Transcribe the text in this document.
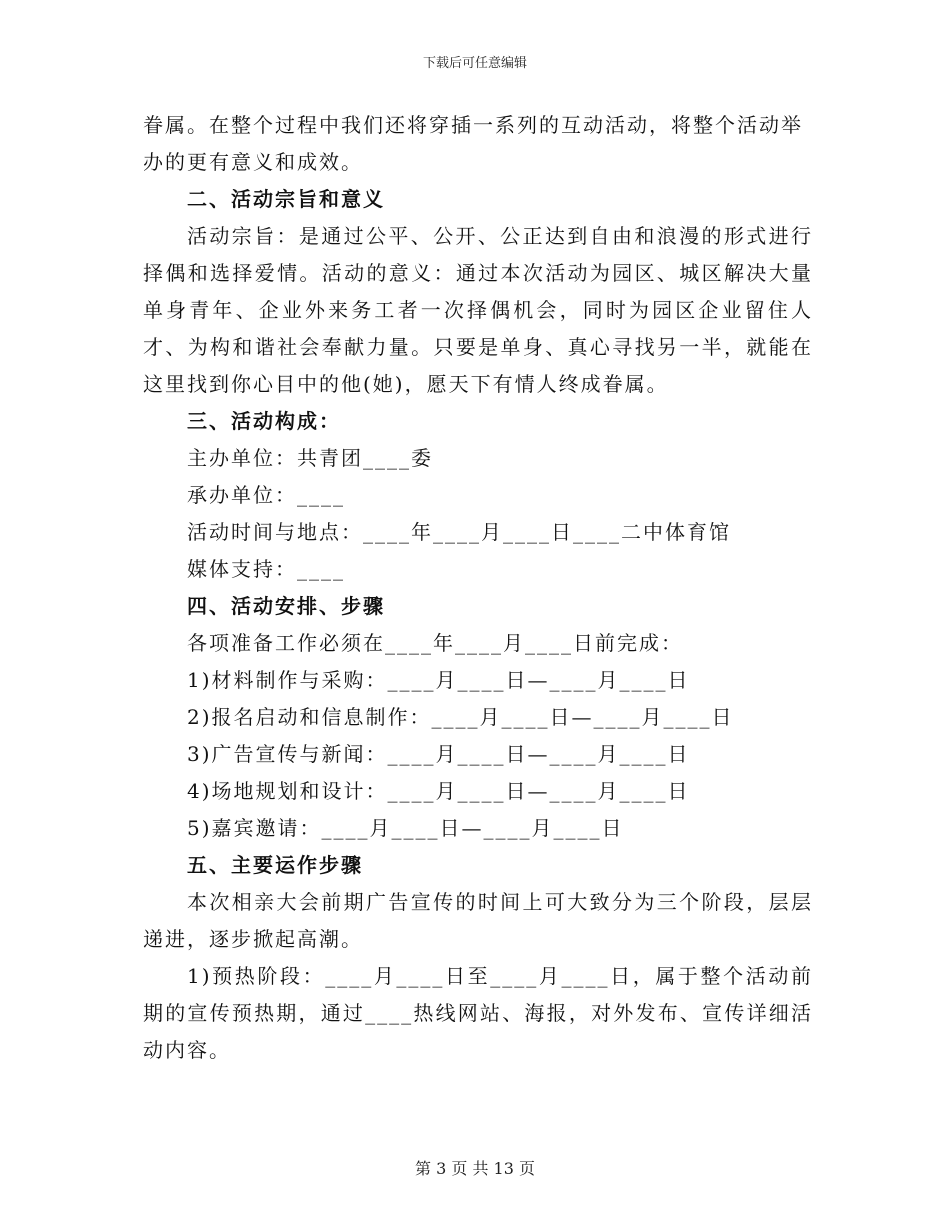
下载后可任意编辑

眷属。在整个过程中我们还将穿插一系列的互动活动，将整个活动举
办的更有意义和成效。

二、活动宗旨和意义

活动宗旨：是通过公平、公开、公正达到自由和浪漫的形式进行择偶和选择爱情。活动的意义：通过本次活动为园区、城区解决大量单身青年、企业外来务工者一次择偶机会，同时为园区企业留住人才、为构和谐社会奉献力量。只要是单身、真心寻找另一半，就能在这里找到你心目中的他(她)，愿天下有情人终成眷属。

三、活动构成：

主办单位：共青团____委

承办单位：____

活动时间与地点：____年____月____日____二中体育馆

媒体支持：____

四、活动安排、步骤

各项准备工作必须在____年____月____日前完成：

1)材料制作与采购：____月____日—____月____日

2)报名启动和信息制作：____月____日—____月____日

3)广告宣传与新闻：____月____日—____月____日

4)场地规划和设计：____月____日—____月____日

5)嘉宾邀请：____月____日—____月____日

五、主要运作步骤

本次相亲大会前期广告宣传的时间上可大致分为三个阶段，层层递进，逐步掀起高潮。

1)预热阶段：____月____日至____月____日，属于整个活动前期的宣传预热期，通过____热线网站、海报，对外发布、宣传详细活动内容。

第 3 页 共 13 页
